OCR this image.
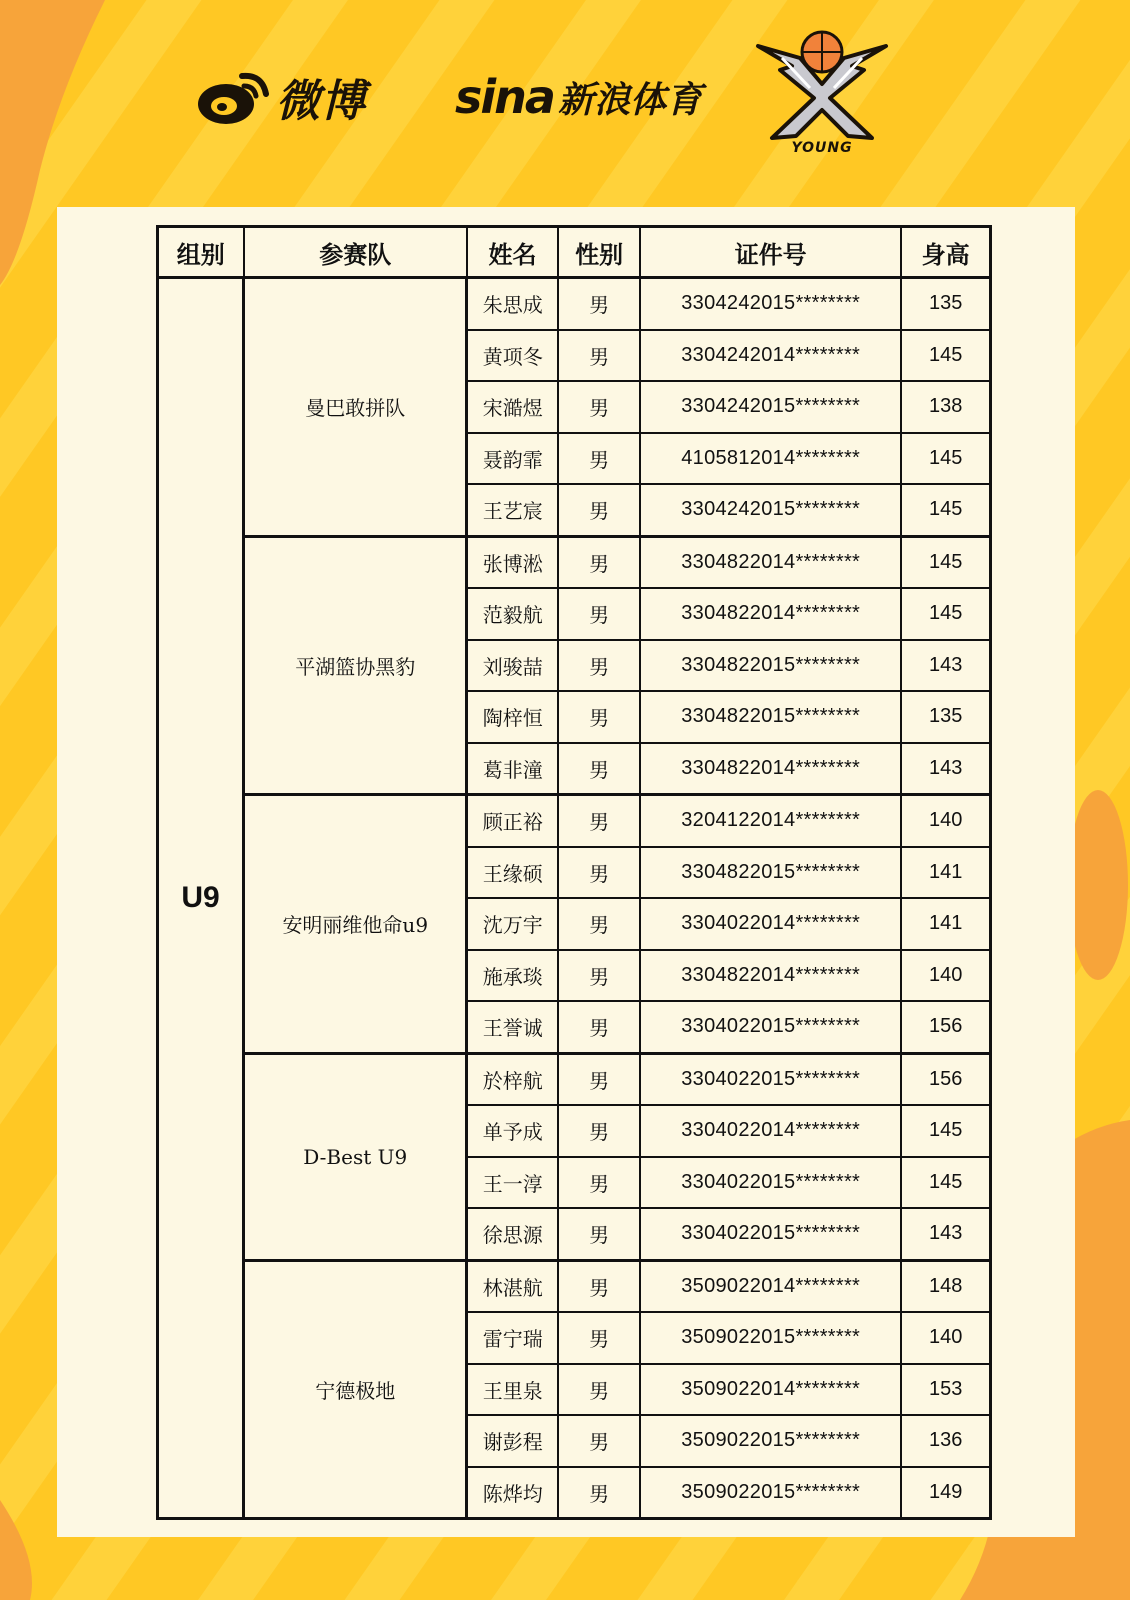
微博 sina 新浪体育
YOUNG
组别	参赛队	姓名	性别	证件号	身高
U9	曼巴敢拼队	朱思成	男	3304242015********	135
		黄项冬	男	3304242014********	145
		宋澔煜	男	3304242015********	138
		聂韵霏	男	4105812014********	145
		王艺宸	男	3304242015********	145
	平湖篮协黑豹	张博淞	男	3304822014********	145
		范毅航	男	3304822014********	145
		刘骏喆	男	3304822015********	143
		陶梓恒	男	3304822015********	135
		葛非潼	男	3304822014********	143
	安明丽维他命u9	顾正裕	男	3204122014********	140
		王缘硕	男	3304822015********	141
		沈万宇	男	3304022014********	141
		施承琰	男	3304822014********	140
		王誉诚	男	3304022015********	156
	D-Best U9	於梓航	男	3304022015********	156
		单予成	男	3304022014********	145
		王一淳	男	3304022015********	145
		徐思源	男	3304022015********	143
	宁德极地	林湛航	男	3509022014********	148
		雷宁瑞	男	3509022015********	140
		王里泉	男	3509022014********	153
		谢彭程	男	3509022015********	136
		陈烨均	男	3509022015********	149
